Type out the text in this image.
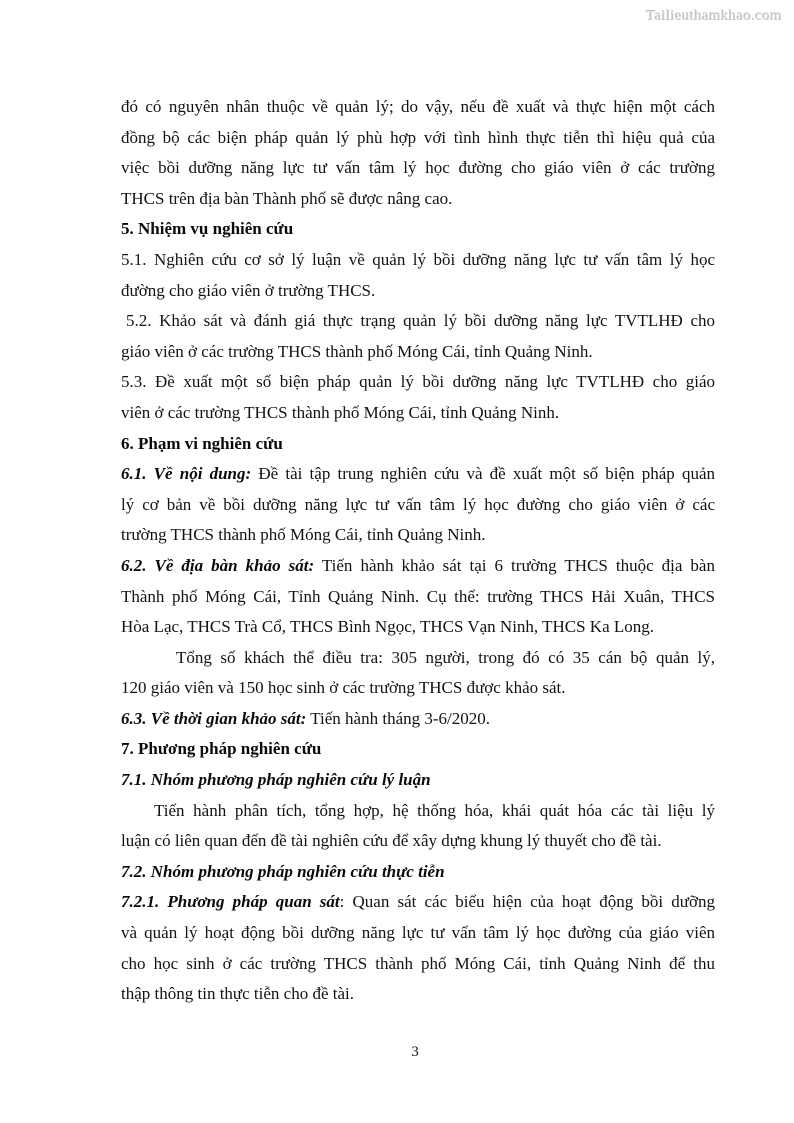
Tailieuthamkhao.com
đó có nguyên nhân thuộc về quản lý; do vậy, nếu đề xuất và thực hiện một cách
đồng bộ các biện pháp quản lý phù hợp với tình hình thực tiễn thì hiệu quả của
việc bồi dưỡng năng lực tư vấn tâm lý học đường cho giáo viên ở các trường
THCS trên địa bàn Thành phố sẽ được nâng cao.
5. Nhiệm vụ nghiên cứu
5.1. Nghiên cứu cơ sở lý luận về quản lý bồi dưỡng năng lực tư vấn tâm lý học
đường cho giáo viên ở trường THCS.
5.2. Khảo sát và đánh giá thực trạng quản lý bồi dưỡng năng lực TVTLHĐ cho
giáo viên ở các trường THCS thành phố Móng Cái, tỉnh Quảng Ninh.
5.3. Đề xuất một số biện pháp quản lý bồi dưỡng năng lực TVTLHĐ cho giáo
viên ở các trường THCS thành phố Móng Cái, tỉnh Quảng Ninh.
6. Phạm vi nghiên cứu
6.1. Về nội dung: Đề tài tập trung nghiên cứu và đề xuất một số biện pháp quản
lý cơ bản về bồi dưỡng năng lực tư vấn tâm lý học đường cho giáo viên ở các
trường THCS thành phố Móng Cái, tỉnh Quảng Ninh.
6.2. Về địa bàn khảo sát: Tiến hành khảo sát tại 6 trường THCS thuộc địa bàn
Thành phố Móng Cái, Tỉnh Quảng Ninh. Cụ thể: trường THCS Hải Xuân, THCS
Hòa Lạc, THCS Trà Cổ, THCS Bình Ngọc, THCS Vạn Ninh, THCS Ka Long.
Tổng số khách thể điều tra: 305 người, trong đó có 35 cán bộ quản lý,
120 giáo viên và 150 học sinh ở các trường THCS được khảo sát.
6.3. Về thời gian khảo sát: Tiến hành tháng 3-6/2020.
7. Phương pháp nghiên cứu
7.1. Nhóm phương pháp nghiên cứu lý luận
Tiến hành phân tích, tổng hợp, hệ thống hóa, khái quát hóa các tài liệu lý
luận có liên quan đến đề tài nghiên cứu để xây dựng khung lý thuyết cho đề tài.
7.2. Nhóm phương pháp nghiên cứu thực tiễn
7.2.1. Phương pháp quan sát: Quan sát các biểu hiện của hoạt động bồi dưỡng
và quản lý hoạt động bồi dưỡng năng lực tư vấn tâm lý học đường của giáo viên
cho học sinh ở các trường THCS thành phố Móng Cái, tỉnh Quảng Ninh để thu
thập thông tin thực tiễn cho đề tài.
3
